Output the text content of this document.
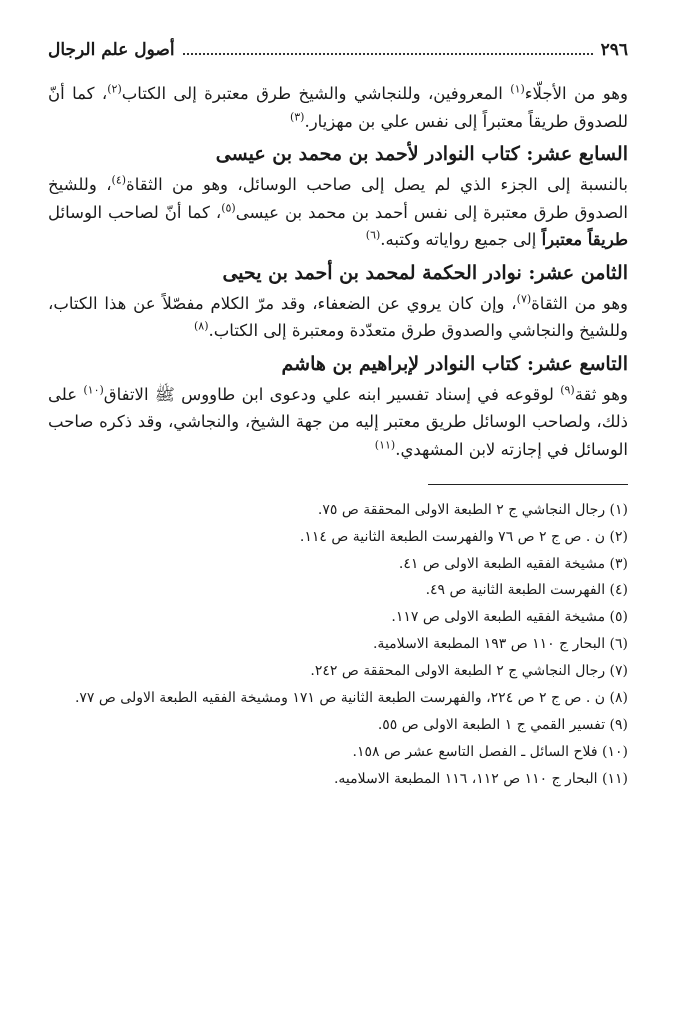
٢٩٦
أصول علم الرجال

وهو من الأجلّاء$^{(١)}$ المعروفين، وللنجاشي والشيخ طرق معتبرة إلى الكتاب$^{(٢)}$، كما أنّ للصدوق طريقاً معتبراً إلى نفس علي بن مهزيار.$^{(٣)}$

السابع عشر: كتاب النوادر لأحمد بن محمد بن عيسى

بالنسبة إلى الجزء الذي لم يصل إلى صاحب الوسائل، وهو من الثقاة$^{(٤)}$، وللشيخ الصدوق طرق معتبرة إلى نفس أحمد بن محمد بن عيسى$^{(٥)}$، كما أنّ لصاحب الوسائل طريقاً معتبراً إلى جميع رواياته وكتبه.$^{(٦)}$

الثامن عشر: نوادر الحكمة لمحمد بن أحمد بن يحيى

وهو من الثقاة$^{(٧)}$، وإن كان يروي عن الضعفاء، وقد مرّ الكلام مفصّلاً عن هذا الكتاب، وللشيخ والنجاشي والصدوق طرق متعدّدة ومعتبرة إلى الكتاب.$^{(٨)}$

التاسع عشر: كتاب النوادر لإبراهيم بن هاشم

وهو ثقة$^{(٩)}$ لوقوعه في إسناد تفسير ابنه علي ودعوى ابن طاووس ﷺ الاتفاق$^{(١٠)}$ على ذلك، ولصاحب الوسائل طريق معتبر إليه من جهة الشيخ، والنجاشي، وقد ذكره صاحب الوسائل في إجازته لابن المشهدي.$^{(١١)}$

(١) رجال النجاشي ج ٢ الطبعة الاولى المحققة ص ٧٥.
(٢) ن . ص ج ٢ ص ٧٦ والفهرست الطبعة الثانية ص ١١٤.
(٣) مشيخة الفقيه الطبعة الاولى ص ٤١.
(٤) الفهرست الطبعة الثانية ص ٤٩.
(٥) مشيخة الفقيه الطبعة الاولى ص ١١٧.
(٦) البحار ج ١١٠ ص ١٩٣ المطبعة الاسلامية.
(٧) رجال النجاشي ج ٢ الطبعة الاولى المحققة ص ٢٤٢.
(٨) ن . ص ج ٢ ص ٢٢٤، والفهرست الطبعة الثانية ص ١٧١ ومشيخة الفقيه الطبعة الاولى ص ٧٧.
(٩) تفسير القمي ج ١ الطبعة الاولى ص ٥٥.
(١٠) فلاح السائل ـ الفصل التاسع عشر ص ١٥٨.
(١١) البحار ج ١١٠ ص ١١٢، ١١٦ المطبعة الاسلاميه.
